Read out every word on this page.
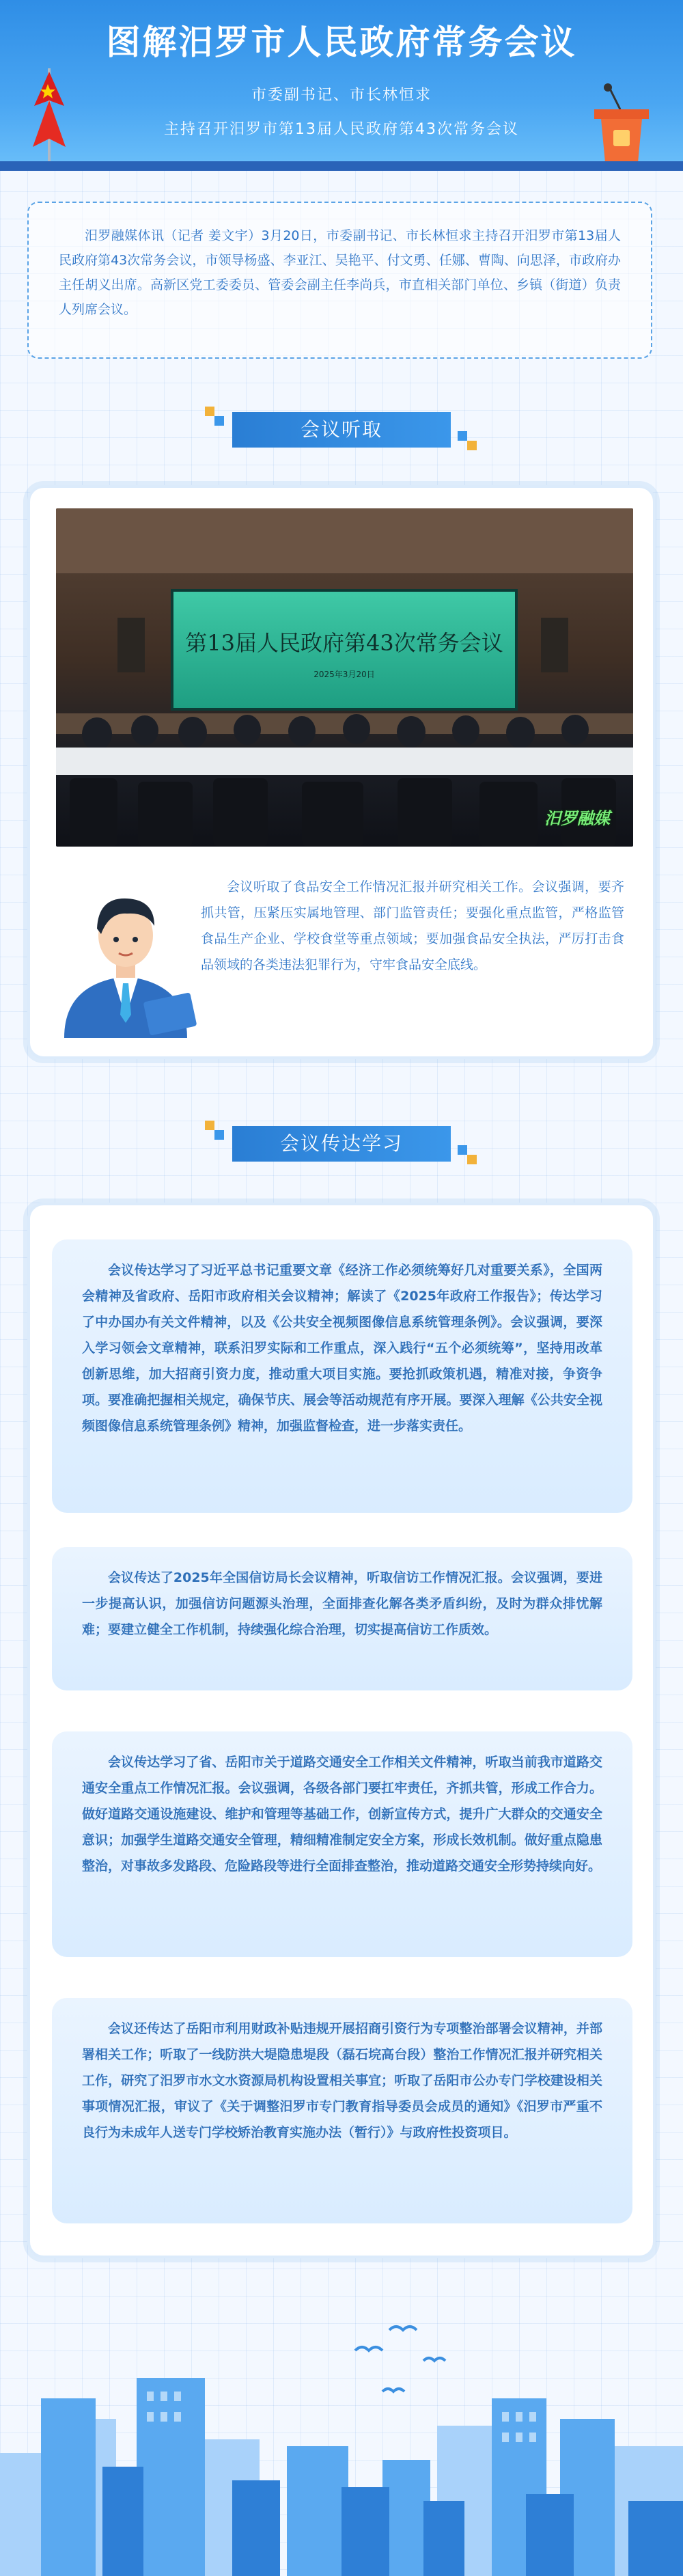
图解汨罗市人民政府常务会议
市委副书记、市长林恒求
主持召开汨罗市第13届人民政府第43次常务会议
汨罗融媒体讯（记者 姜文宇）3月20日，市委副书记、市长林恒求主持召开汨罗市第13届人民政府第43次常务会议，市领导杨盛、李亚江、吴艳平、付文勇、任娜、曹陶、向思泽，市政府办主任胡义出席。高新区党工委委员、管委会副主任李尚兵，市直相关部门单位、乡镇（街道）负责人列席会议。
会议听取
第13届人民政府第43次常务会议
2025年3月20日
汨罗融媒
会议听取了食品安全工作情况汇报并研究相关工作。会议强调，要齐抓共管，压紧压实属地管理、部门监管责任；要强化重点监管，严格监管食品生产企业、学校食堂等重点领域；要加强食品安全执法，严厉打击食品领域的各类违法犯罪行为，守牢食品安全底线。
会议传达学习
会议传达学习了习近平总书记重要文章《经济工作必须统筹好几对重要关系》，全国两会精神及省政府、岳阳市政府相关会议精神；解读了《2025年政府工作报告》；传达学习了中办国办有关文件精神，以及《公共安全视频图像信息系统管理条例》。会议强调，要深入学习领会文章精神，联系汨罗实际和工作重点，深入践行“五个必须统筹”，坚持用改革创新思维，加大招商引资力度，推动重大项目实施。要抢抓政策机遇，精准对接，争资争项。要准确把握相关规定，确保节庆、展会等活动规范有序开展。要深入理解《公共安全视频图像信息系统管理条例》精神，加强监督检查，进一步落实责任。
会议传达了2025年全国信访局长会议精神，听取信访工作情况汇报。会议强调，要进一步提高认识，加强信访问题源头治理，全面排查化解各类矛盾纠纷，及时为群众排忧解难；要建立健全工作机制，持续强化综合治理，切实提高信访工作质效。
会议传达学习了省、岳阳市关于道路交通安全工作相关文件精神，听取当前我市道路交通安全重点工作情况汇报。会议强调，各级各部门要扛牢责任，齐抓共管，形成工作合力。做好道路交通设施建设、维护和管理等基础工作，创新宣传方式，提升广大群众的交通安全意识；加强学生道路交通安全管理，精细精准制定安全方案，形成长效机制。做好重点隐患整治，对事故多发路段、危险路段等进行全面排查整治，推动道路交通安全形势持续向好。
会议还传达了岳阳市利用财政补贴违规开展招商引资行为专项整治部署会议精神，并部署相关工作；听取了一线防洪大堤隐患堤段（磊石垸高台段）整治工作情况汇报并研究相关工作，研究了汨罗市水文水资源局机构设置相关事宜；听取了岳阳市公办专门学校建设相关事项情况汇报，审议了《关于调整汨罗市专门教育指导委员会成员的通知》《汨罗市严重不良行为未成年人送专门学校矫治教育实施办法（暂行）》与政府性投资项目。
